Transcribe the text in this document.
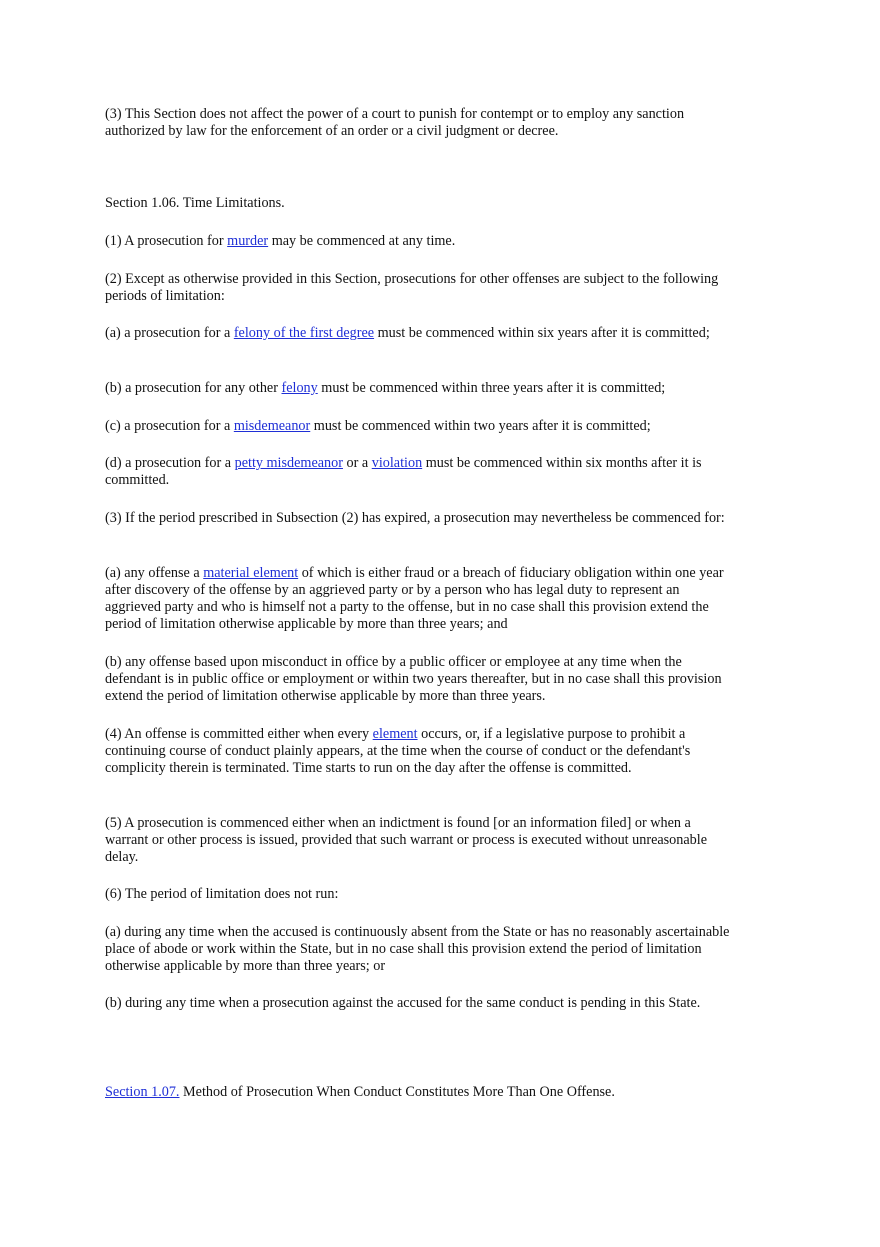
(3) This Section does not affect the power of a court to punish for contempt or to employ any sanction authorized by law for the enforcement of an order or a civil judgment or decree.

Section 1.06. Time Limitations.

(1) A prosecution for murder may be commenced at any time.

(2) Except as otherwise provided in this Section, prosecutions for other offenses are subject to the following periods of limitation:

(a) a prosecution for a felony of the first degree must be commenced within six years after it is committed;

(b) a prosecution for any other felony must be commenced within three years after it is committed;

(c) a prosecution for a misdemeanor must be commenced within two years after it is committed;

(d) a prosecution for a petty misdemeanor or a violation must be commenced within six months after it is committed.

(3) If the period prescribed in Subsection (2) has expired, a prosecution may nevertheless be commenced for:

(a) any offense a material element of which is either fraud or a breach of fiduciary obligation within one year after discovery of the offense by an aggrieved party or by a person who has legal duty to represent an aggrieved party and who is himself not a party to the offense, but in no case shall this provision extend the period of limitation otherwise applicable by more than three years; and

(b) any offense based upon misconduct in office by a public officer or employee at any time when the defendant is in public office or employment or within two years thereafter, but in no case shall this provision extend the period of limitation otherwise applicable by more than three years.

(4) An offense is committed either when every element occurs, or, if a legislative purpose to prohibit a continuing course of conduct plainly appears, at the time when the course of conduct or the defendant's complicity therein is terminated. Time starts to run on the day after the offense is committed.

(5) A prosecution is commenced either when an indictment is found [or an information filed] or when a warrant or other process is issued, provided that such warrant or process is executed without unreasonable delay.

(6) The period of limitation does not run:

(a) during any time when the accused is continuously absent from the State or has no reasonably ascertainable place of abode or work within the State, but in no case shall this provision extend the period of limitation otherwise applicable by more than three years; or

(b) during any time when a prosecution against the accused for the same conduct is pending in this State.

Section 1.07. Method of Prosecution When Conduct Constitutes More Than One Offense.
